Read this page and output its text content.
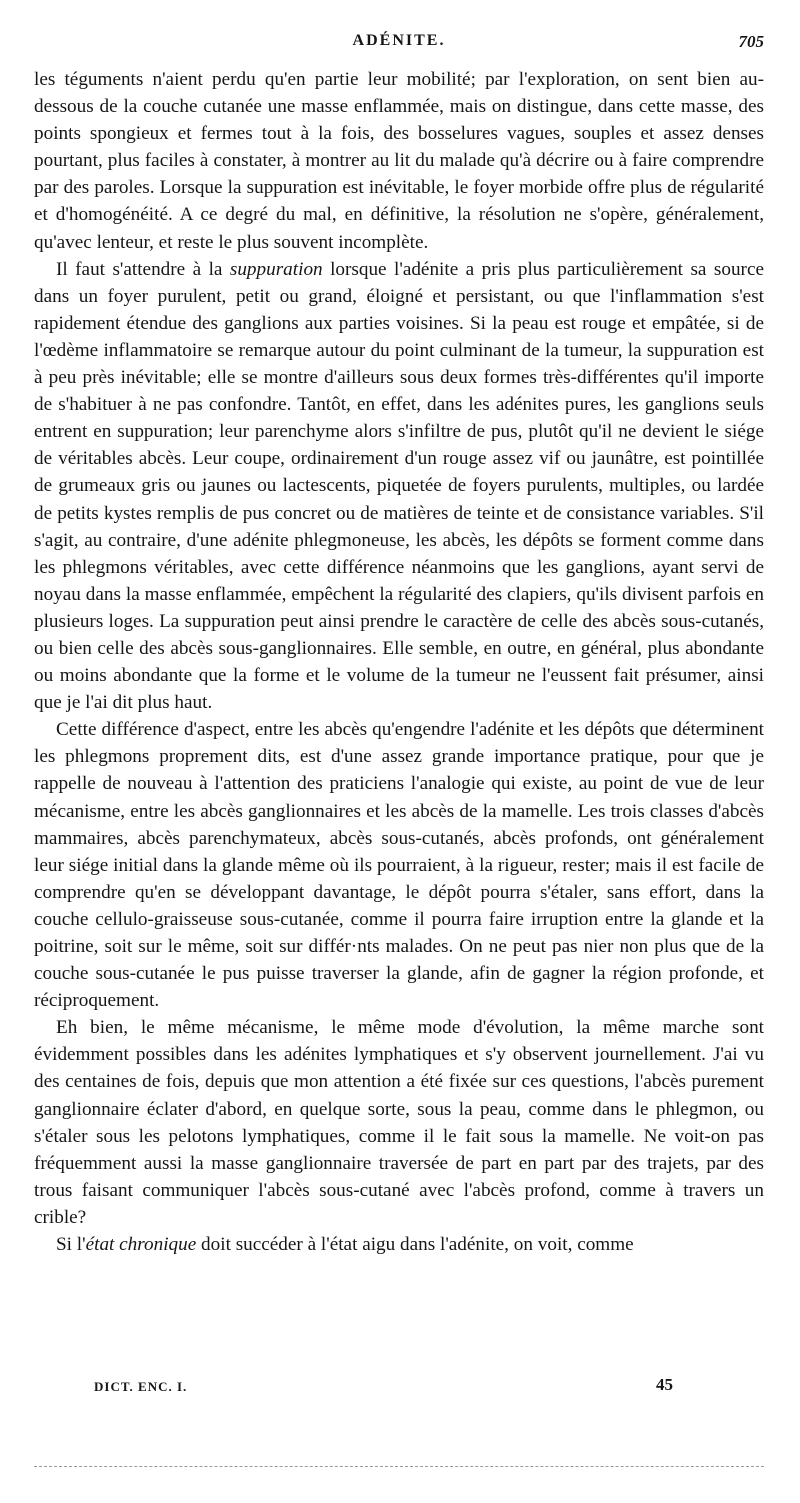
ADÉNITE.	705

les téguments n'aient perdu qu'en partie leur mobilité; par l'exploration, on sent bien au-dessous de la couche cutanée une masse enflammée, mais on distingue, dans cette masse, des points spongieux et fermes tout à la fois, des bosselures vagues, souples et assez denses pourtant, plus faciles à constater, à montrer au lit du malade qu'à décrire ou à faire comprendre par des paroles. Lorsque la suppuration est inévitable, le foyer morbide offre plus de régularité et d'homogénéité. A ce degré du mal, en définitive, la résolution ne s'opère, généralement, qu'avec lenteur, et reste le plus souvent incomplète.

Il faut s'attendre à la suppuration lorsque l'adénite a pris plus particulièrement sa source dans un foyer purulent, petit ou grand, éloigné et persistant, ou que l'inflammation s'est rapidement étendue des ganglions aux parties voisines. Si la peau est rouge et empâtée, si de l'œdème inflammatoire se remarque autour du point culminant de la tumeur, la suppuration est à peu près inévitable; elle se montre d'ailleurs sous deux formes très-différentes qu'il importe de s'habituer à ne pas confondre. Tantôt, en effet, dans les adénites pures, les ganglions seuls entrent en suppuration; leur parenchyme alors s'infiltre de pus, plutôt qu'il ne devient le siége de véritables abcès. Leur coupe, ordinairement d'un rouge assez vif ou jaunâtre, est pointillée de grumeaux gris ou jaunes ou lactescents, piquetée de foyers purulents, multiples, ou lardée de petits kystes remplis de pus concret ou de matières de teinte et de consistance variables. S'il s'agit, au contraire, d'une adénite phlegmoneuse, les abcès, les dépôts se forment comme dans les phlegmons véritables, avec cette différence néanmoins que les ganglions, ayant servi de noyau dans la masse enflammée, empêchent la régularité des clapiers, qu'ils divisent parfois en plusieurs loges. La suppuration peut ainsi prendre le caractère de celle des abcès sous-cutanés, ou bien celle des abcès sous-ganglionnaires. Elle semble, en outre, en général, plus abondante ou moins abondante que la forme et le volume de la tumeur ne l'eussent fait présumer, ainsi que je l'ai dit plus haut.

Cette différence d'aspect, entre les abcès qu'engendre l'adénite et les dépôts que déterminent les phlegmons proprement dits, est d'une assez grande importance pratique, pour que je rappelle de nouveau à l'attention des praticiens l'analogie qui existe, au point de vue de leur mécanisme, entre les abcès ganglionnaires et les abcès de la mamelle. Les trois classes d'abcès mammaires, abcès parenchymateux, abcès sous-cutanés, abcès profonds, ont généralement leur siége initial dans la glande même où ils pourraient, à la rigueur, rester; mais il est facile de comprendre qu'en se développant davantage, le dépôt pourra s'étaler, sans effort, dans la couche cellulo-graisseuse sous-cutanée, comme il pourra faire irruption entre la glande et la poitrine, soit sur le même, soit sur différ·nts malades. On ne peut pas nier non plus que de la couche sous-cutanée le pus puisse traverser la glande, afin de gagner la région profonde, et réciproquement.

Eh bien, le même mécanisme, le même mode d'évolution, la même marche sont évidemment possibles dans les adénites lymphatiques et s'y observent journellement. J'ai vu des centaines de fois, depuis que mon attention a été fixée sur ces questions, l'abcès purement ganglionnaire éclater d'abord, en quelque sorte, sous la peau, comme dans le phlegmon, ou s'étaler sous les pelotons lymphatiques, comme il le fait sous la mamelle. Ne voit-on pas fréquemment aussi la masse ganglionnaire traversée de part en part par des trajets, par des trous faisant communiquer l'abcès sous-cutané avec l'abcès profond, comme à travers un crible?

Si l'état chronique doit succéder à l'état aigu dans l'adénite, on voit, comme

DICT. ENC. I.	45
